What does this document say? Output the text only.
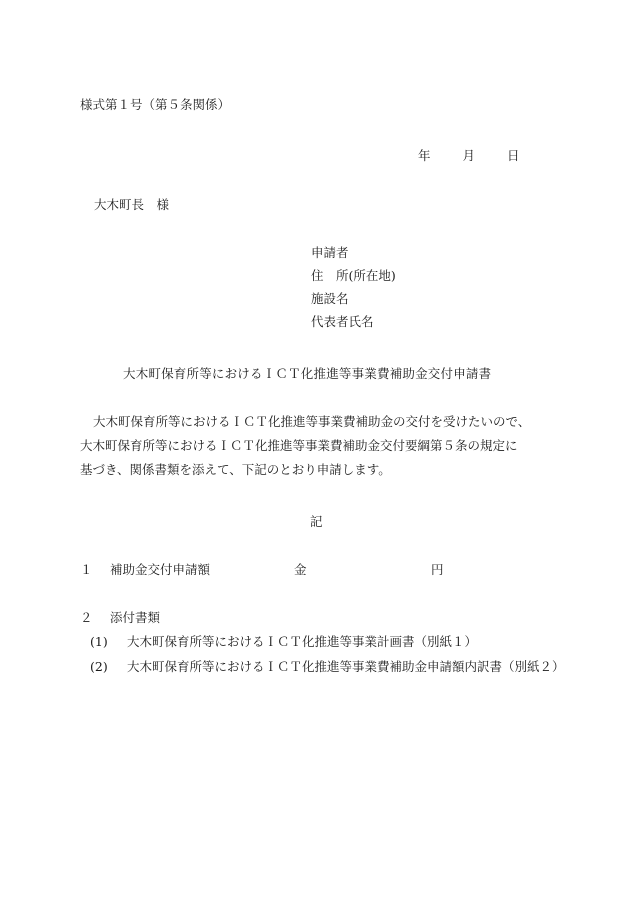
様式第１号（第５条関係）
年	月	日
大木町長　様
申請者
住　所(所在地)
施設名
代表者氏名
大木町保育所等におけるＩＣＴ化推進等事業費補助金交付申請書
大木町保育所等におけるＩＣＴ化推進等事業費補助金の交付を受けたいので、
大木町保育所等におけるＩＣＴ化推進等事業費補助金交付要綱第５条の規定に
基づき、関係書類を添えて、下記のとおり申請します。
記
１ 補助金交付申請額	金	円
２ 添付書類
(1) 大木町保育所等におけるＩＣＴ化推進等事業計画書（別紙１）
(2) 大木町保育所等におけるＩＣＴ化推進等事業費補助金申請額内訳書（別紙２）
